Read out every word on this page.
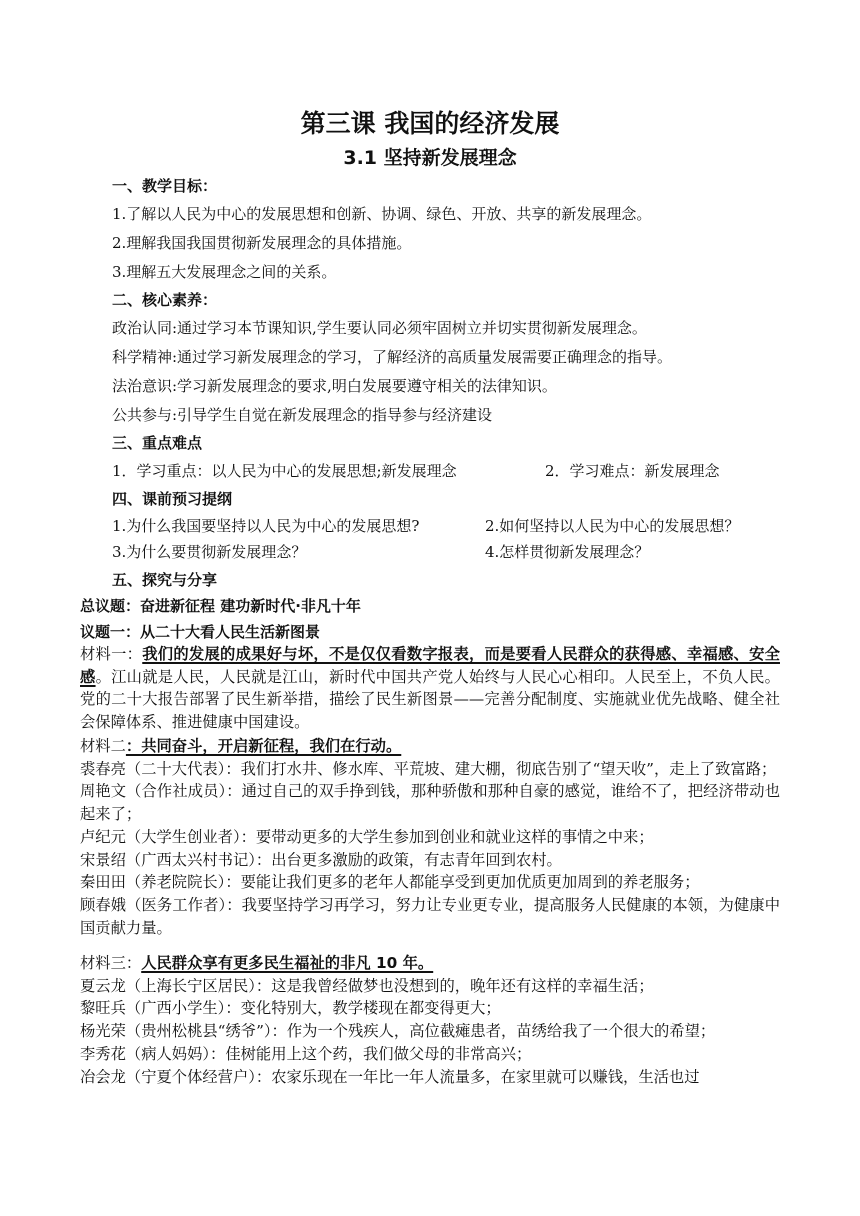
第三课 我国的经济发展
3.1 坚持新发展理念
一、教学目标：
1.了解以人民为中心的发展思想和创新、协调、绿色、开放、共享的新发展理念。
2.理解我国我国贯彻新发展理念的具体措施。
3.理解五大发展理念之间的关系。
二、核心素养：
政治认同:通过学习本节课知识,学生要认同必须牢固树立并切实贯彻新发展理念。
科学精神:通过学习新发展理念的学习，了解经济的高质量发展需要正确理念的指导。
法治意识:学习新发展理念的要求,明白发展要遵守相关的法律知识。
公共参与:引导学生自觉在新发展理念的指导参与经济建设
三、重点难点
1．学习重点：以人民为中心的发展思想;新发展理念	2．学习难点：新发展理念
四、课前预习提纲
1.为什么我国要坚持以人民为中心的发展思想?	2.如何坚持以人民为中心的发展思想？
3.为什么要贯彻新发展理念？	4.怎样贯彻新发展理念？
五、探究与分享
总议题：奋进新征程 建功新时代·非凡十年
议题一：从二十大看人民生活新图景
材料一：我们的发展的成果好与坏，不是仅仅看数字报表，而是要看人民群众的获得感、幸福感、安全感。江山就是人民，人民就是江山，新时代中国共产党人始终与人民心心相印。人民至上，不负人民。党的二十大报告部署了民生新举措，描绘了民生新图景——完善分配制度、实施就业优先战略、健全社会保障体系、推进健康中国建设。
材料二：共同奋斗，开启新征程，我们在行动。
裘春亮（二十大代表）：我们打水井、修水库、平荒坡、建大棚，彻底告别了“望天收”，走上了致富路；
周艳文（合作社成员）：通过自己的双手挣到钱，那种骄傲和那种自豪的感觉，谁给不了，把经济带动也起来了；
卢纪元（大学生创业者）：要带动更多的大学生参加到创业和就业这样的事情之中来；
宋景绍（广西太兴村书记）：出台更多激励的政策，有志青年回到农村。
秦田田（养老院院长）：要能让我们更多的老年人都能享受到更加优质更加周到的养老服务；
顾春娥（医务工作者）：我要坚持学习再学习，努力让专业更专业，提高服务人民健康的本领，为健康中国贡献力量。
材料三：人民群众享有更多民生福祉的非凡 10 年。
夏云龙（上海长宁区居民）：这是我曾经做梦也没想到的，晚年还有这样的幸福生活；
黎旺兵（广西小学生）：变化特别大，教学楼现在都变得更大；
杨光荣（贵州松桃县“绣爷”）：作为一个残疾人，高位截瘫患者，苗绣给我了一个很大的希望；
李秀花（病人妈妈）：佳树能用上这个药，我们做父母的非常高兴；
冶会龙（宁夏个体经营户）：农家乐现在一年比一年人流量多，在家里就可以赚钱，生活也过
